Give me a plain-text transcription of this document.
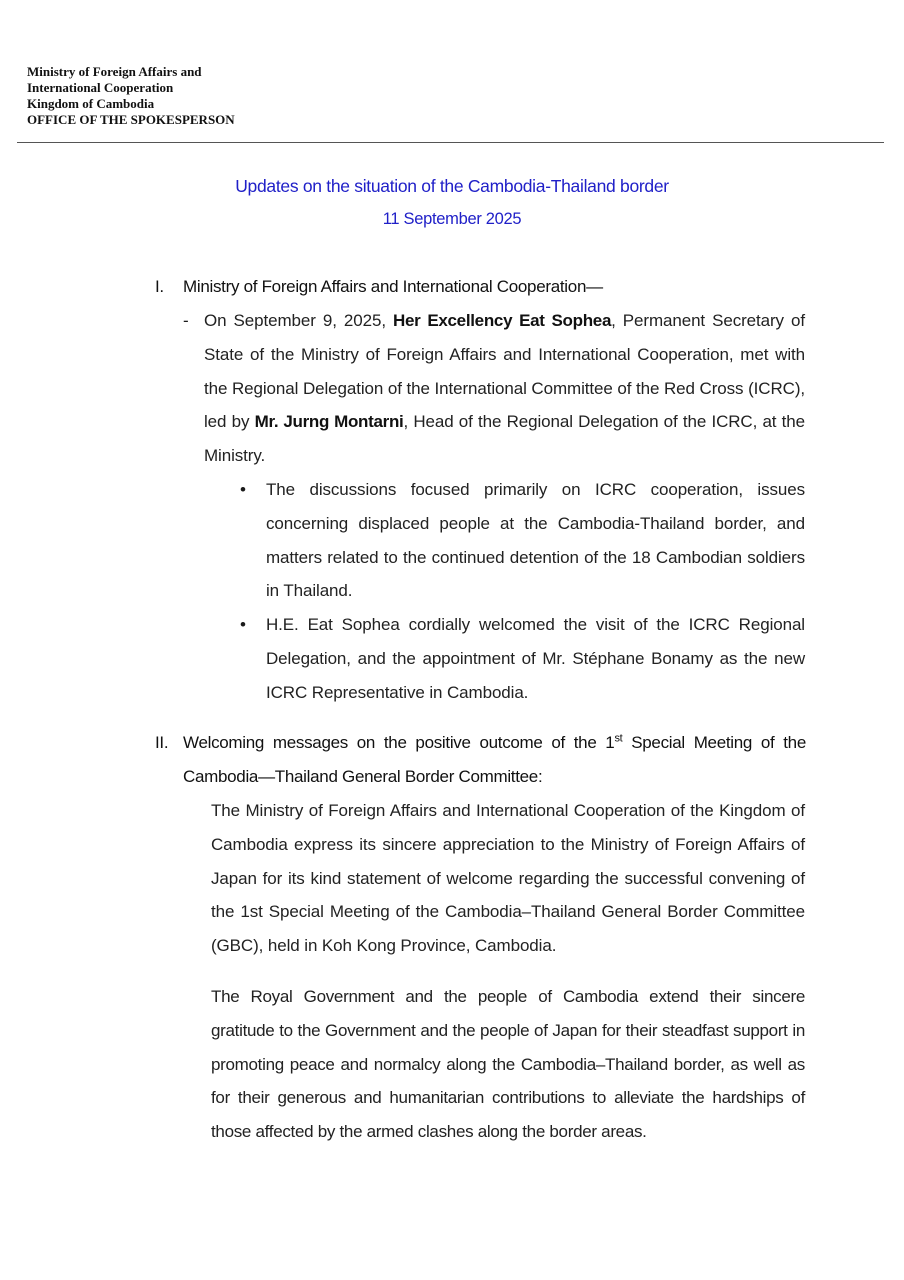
Ministry of Foreign Affairs and
International Cooperation
Kingdom of Cambodia
OFFICE OF THE SPOKESPERSON
Updates on the situation of the Cambodia-Thailand border
11 September 2025
I. Ministry of Foreign Affairs and International Cooperation—
- On September 9, 2025, Her Excellency Eat Sophea, Permanent Secretary of State of the Ministry of Foreign Affairs and International Cooperation, met with the Regional Delegation of the International Committee of the Red Cross (ICRC), led by Mr. Jurng Montarni, Head of the Regional Delegation of the ICRC, at the Ministry.
• The discussions focused primarily on ICRC cooperation, issues concerning displaced people at the Cambodia-Thailand border, and matters related to the continued detention of the 18 Cambodian soldiers in Thailand.
• H.E. Eat Sophea cordially welcomed the visit of the ICRC Regional Delegation, and the appointment of Mr. Stéphane Bonamy as the new ICRC Representative in Cambodia.
II. Welcoming messages on the positive outcome of the 1st Special Meeting of the
Cambodia—Thailand General Border Committee:
The Ministry of Foreign Affairs and International Cooperation of the Kingdom of Cambodia express its sincere appreciation to the Ministry of Foreign Affairs of Japan for its kind statement of welcome regarding the successful convening of the 1st Special Meeting of the Cambodia–Thailand General Border Committee (GBC), held in Koh Kong Province, Cambodia.
The Royal Government and the people of Cambodia extend their sincere gratitude to the Government and the people of Japan for their steadfast support in promoting peace and normalcy along the Cambodia–Thailand border, as well as for their generous and humanitarian contributions to alleviate the hardships of those affected by the armed clashes along the border areas.
